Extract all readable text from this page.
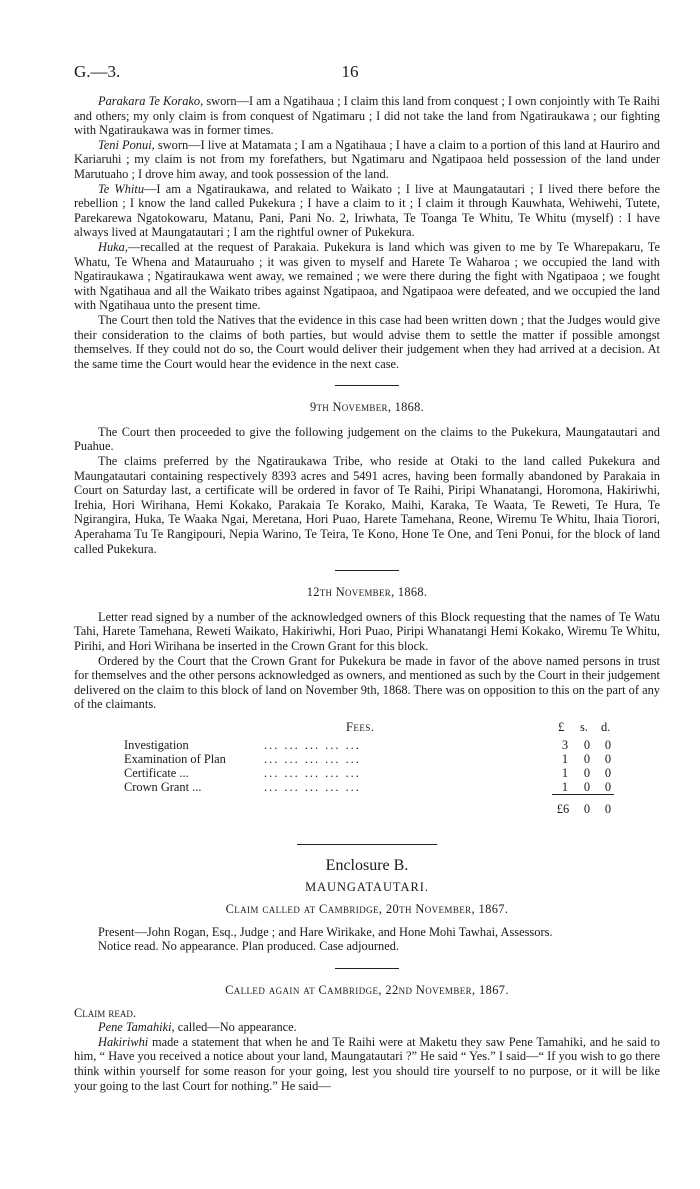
G.—3.	16

Parakara Te Korako, sworn—I am a Ngatihaua ; I claim this land from conquest ; I own conjointly with Te Raihi and others; my only claim is from conquest of Ngatimaru ; I did not take the land from Ngatiraukawa ; our fighting with Ngatiraukawa was in former times.

Teni Ponui, sworn—I live at Matamata ; I am a Ngatihaua ; I have a claim to a portion of this land at Hauriro and Kariaruhi ; my claim is not from my forefathers, but Ngatimaru and Ngatipaoa held possession of the land under Marutuaho ; I drove him away, and took possession of the land.

Te Whitu—I am a Ngatiraukawa, and related to Waikato ; I live at Maungatautari ; I lived there before the rebellion ; I know the land called Pukekura ; I have a claim to it ; I claim it through Kauwhata, Wehiwehi, Tutete, Parekarewa Ngatokowaru, Matanu, Pani, Pani No. 2, Iriwhata, Te Toanga Te Whitu, Te Whitu (myself) : I have always lived at Maungatautari ; I am the rightful owner of Pukekura.

Huka,—recalled at the request of Parakaia. Pukekura is land which was given to me by Te Wharepakaru, Te Whatu, Te Whena and Matauruaho ; it was given to myself and Harete Te Waharoa ; we occupied the land with Ngatiraukawa ; Ngatiraukawa went away, we remained ; we were there during the fight with Ngatipaoa ; we fought with Ngatihaua and all the Waikato tribes against Ngatipaoa, and Ngatipaoa were defeated, and we occupied the land with Ngatihaua unto the present time.

The Court then told the Natives that the evidence in this case had been written down ; that the Judges would give their consideration to the claims of both parties, but would advise them to settle the matter if possible amongst themselves. If they could not do so, the Court would deliver their judgement when they had arrived at a decision. At the same time the Court would hear the evidence in the next case.

9th November, 1868.

The Court then proceeded to give the following judgement on the claims to the Pukekura, Maungatautari and Puahue.

The claims preferred by the Ngatiraukawa Tribe, who reside at Otaki to the land called Pukekura and Maungatautari containing respectively 8393 acres and 5491 acres, having been formally abandoned by Parakaia in Court on Saturday last, a certificate will be ordered in favor of Te Raihi, Piripi Whanatangi, Horomona, Hakiriwhi, Irehia, Hori Wirihana, Hemi Kokako, Parakaia Te Korako, Maihi, Karaka, Te Waata, Te Reweti, Te Hura, Te Ngirangira, Huka, Te Waaka Ngai, Meretana, Hori Puao, Harete Tamehana, Reone, Wiremu Te Whitu, Ihaia Tiorori, Aperahama Tu Te Rangipouri, Nepia Warino, Te Teira, Te Kono, Hone Te One, and Teni Ponui, for the block of land called Pukekura.

12th November, 1868.

Letter read signed by a number of the acknowledged owners of this Block requesting that the names of Te Watu Tahi, Harete Tamehana, Reweti Waikato, Hakiriwhi, Hori Puao, Piripi Whanatangi Hemi Kokako, Wiremu Te Whitu, Pirihi, and Hori Wirihana be inserted in the Crown Grant for this block.

Ordered by the Court that the Crown Grant for Pukekura be made in favor of the above named persons in trust for themselves and the other persons acknowledged as owners, and mentioned as such by the Court in their judgement delivered on the claim to this block of land on November 9th, 1868. There was on opposition to this on the part of any of the claimants.

Fees.	£ s. d.
Investigation	... ... ... ... ...	3	0	0
Examination of Plan	... ... ... ... ...	1	0	0
Certificate ...	... ... ... ... ...	1	0	0
Crown Grant ...	... ... ... ... ...	1	0	0
£6	0	0
Enclosure B.
MAUNGATAUTARI.
Claim called at Cambridge, 20th November, 1867.

Present—John Rogan, Esq., Judge ; and Hare Wirikake, and Hone Mohi Tawhai, Assessors.

Notice read. No appearance. Plan produced. Case adjourned.

Called again at Cambridge, 22nd November, 1867.

Claim read.

Pene Tamahiki, called—No appearance.

Hakiriwhi made a statement that when he and Te Raihi were at Maketu they saw Pene Tamahiki, and he said to him, “ Have you received a notice about your land, Maungatautari ?” He said “ Yes.” I said—“ If you wish to go there think within yourself for some reason for your going, lest you should tire yourself to no purpose, or it will be like your going to the last Court for nothing.” He said—
